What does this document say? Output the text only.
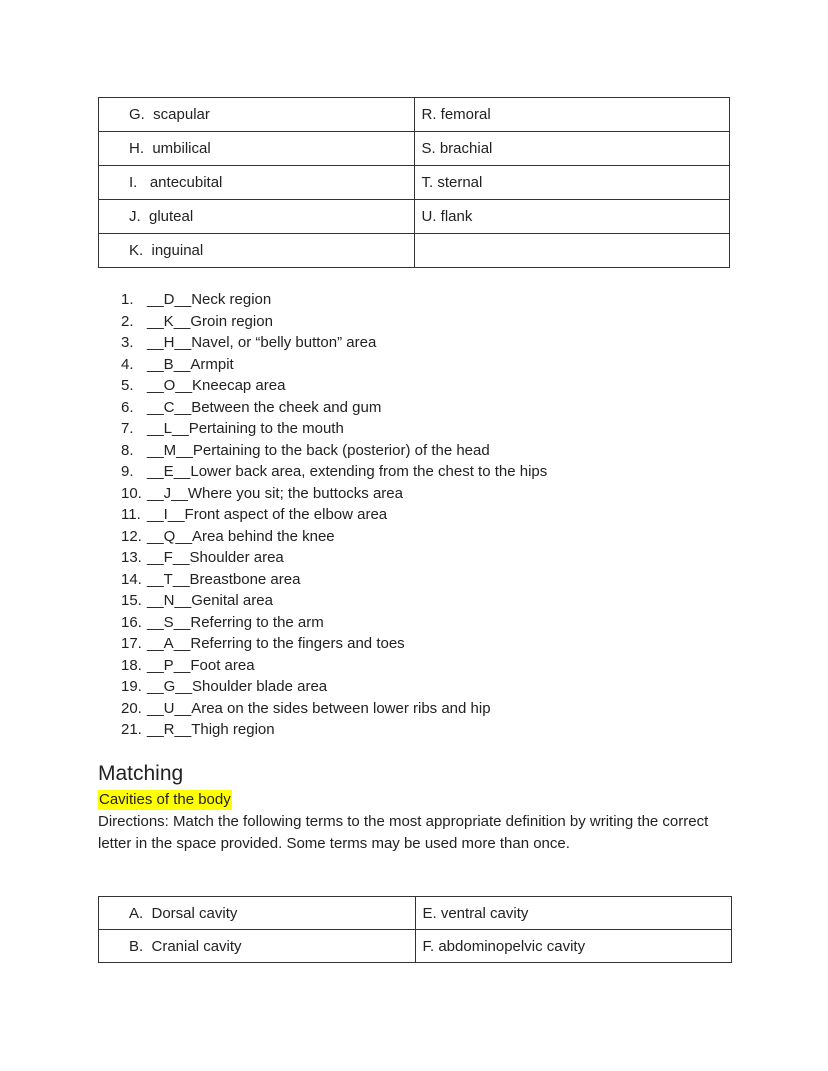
G.  scapular	R. femoral
H.  umbilical	S. brachial
I.   antecubital	T. sternal
J.  gluteal	U. flank
K.  inguinal	
1. __D__Neck region
2. __K__Groin region
3. __H__Navel, or “belly button” area
4. __B__Armpit
5. __O__Kneecap area
6. __C__Between the cheek and gum
7. __L__Pertaining to the mouth
8. __M__Pertaining to the back (posterior) of the head
9. __E__Lower back area, extending from the chest to the hips
10. __J__Where you sit; the buttocks area
11. __I__Front aspect of the elbow area
12. __Q__Area behind the knee
13. __F__Shoulder area
14. __T__Breastbone area
15. __N__Genital area
16. __S__Referring to the arm
17. __A__Referring to the fingers and toes
18. __P__Foot area
19. __G__Shoulder blade area
20. __U__Area on the sides between lower ribs and hip
21. __R__Thigh region
Matching
Cavities of the body

Directions: Match the following terms to the most appropriate definition by writing the correct letter in the space provided. Some terms may be used more than once.

A.  Dorsal cavity	E. ventral cavity
B.  Cranial cavity	F. abdominopelvic cavity
